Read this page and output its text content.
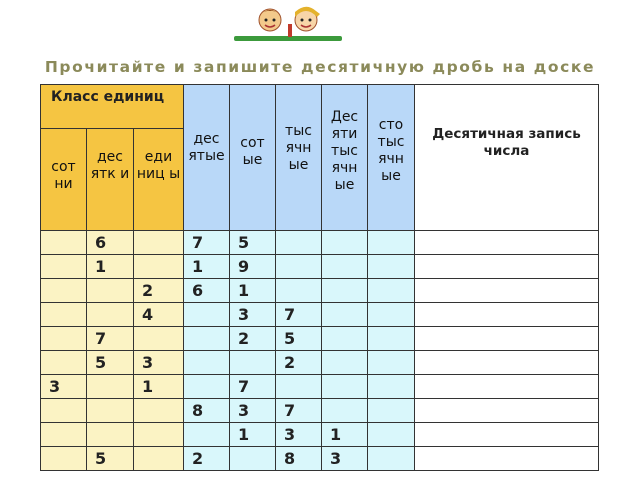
Прочитайте и запишите десятичную дробь на доске
Класс единиц			дес ятые	сот ые	тыс ячн ые	Дес яти тыс ячн ые	сто тыс ячн ые	Десятичная запись числа
сот ни	дес ятк и	еди ниц ы						
	6		7	5				
	1		1	9				
		2	6	1				
		4		3	7			
	7			2	5			
	5	3			2			
3		1		7				
			8	3	7			
				1	3	1		
	5		2		8	3		
